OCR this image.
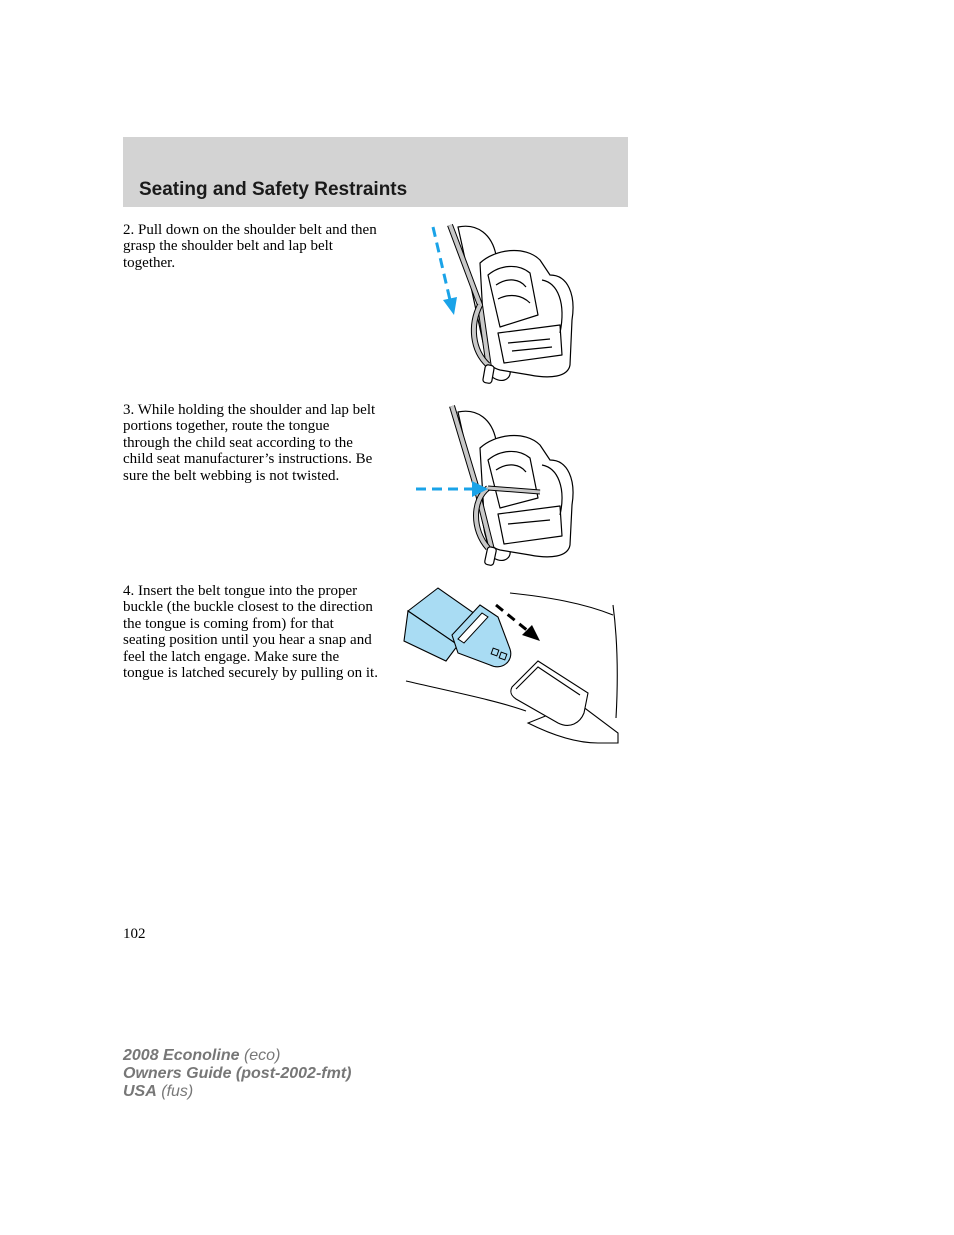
Seating and Safety Restraints

2. Pull down on the shoulder belt and then grasp the shoulder belt and lap belt together.

3. While holding the shoulder and lap belt portions together, route the tongue through the child seat according to the child seat manufacturer’s instructions. Be sure the belt webbing is not twisted.

4. Insert the belt tongue into the proper buckle (the buckle closest to the direction the tongue is coming from) for that seating position until you hear a snap and feel the latch engage. Make sure the tongue is latched securely by pulling on it.

102

2008 Econoline (eco)
Owners Guide (post-2002-fmt)
USA (fus)
